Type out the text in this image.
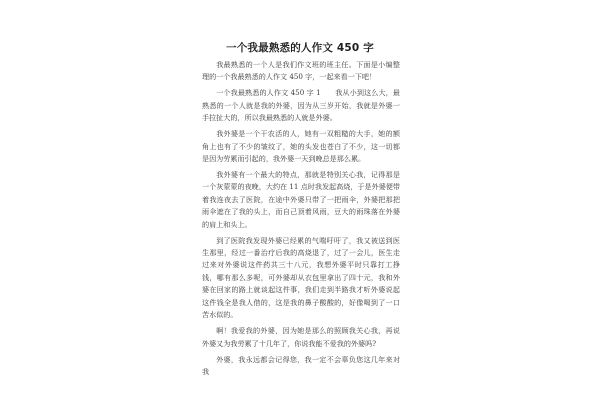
一个我最熟悉的人作文 450 字

我最熟悉的一个人是我们作文班的班主任。下面是小编整理的一个我最熟悉的人作文 450 字，一起来看一下吧！

一个我最熟悉的人作文 450 字 1　　我从小到这么大，最熟悉的一个人就是我的外婆，因为从三岁开始，我就是外婆一手拉扯大的，所以我最熟悉的人就是外婆。

我外婆是一个干农活的人，她有一双粗糙的大手，她的额角上也有了不少的皱纹了，她的头发也苍白了不少，这一切都是因为劳累而引起的，我外婆一天到晚总是那么累。

我外婆有一个最大的特点，那就是特别关心我，记得那是一个灰蒙蒙的夜晚，大约在 11 点时我发起高烧，于是外婆便带着我连夜去了医院，在途中外婆只带了一把雨伞，外婆把那把雨伞遮在了我的头上，而自己顶着风雨，豆大的雨珠落在外婆的肩上和头上。

到了医院我发现外婆已经累的气喘吁吁了，我又被送到医生那里，经过一番治疗后我的高烧退了，过了一会儿，医生走过来对外婆说这件药共三十八元，我想外婆平时只靠打工挣钱，哪有那么多呢，可外婆却从衣包里拿出了四十元，我和外婆在回家的路上就谈起这件事，我们走到半路我才听外婆说起这件钱全是我人借的，这是我的鼻子酸酸的，好像喝到了一口苦水似的。

啊！我爱我的外婆，因为她是那么的照顾我关心我，再说外婆又为我劳累了十几年了，你说我能不爱我的外婆吗?

外婆，我永远都会记得您，我一定不会辜负您这几年来对我
